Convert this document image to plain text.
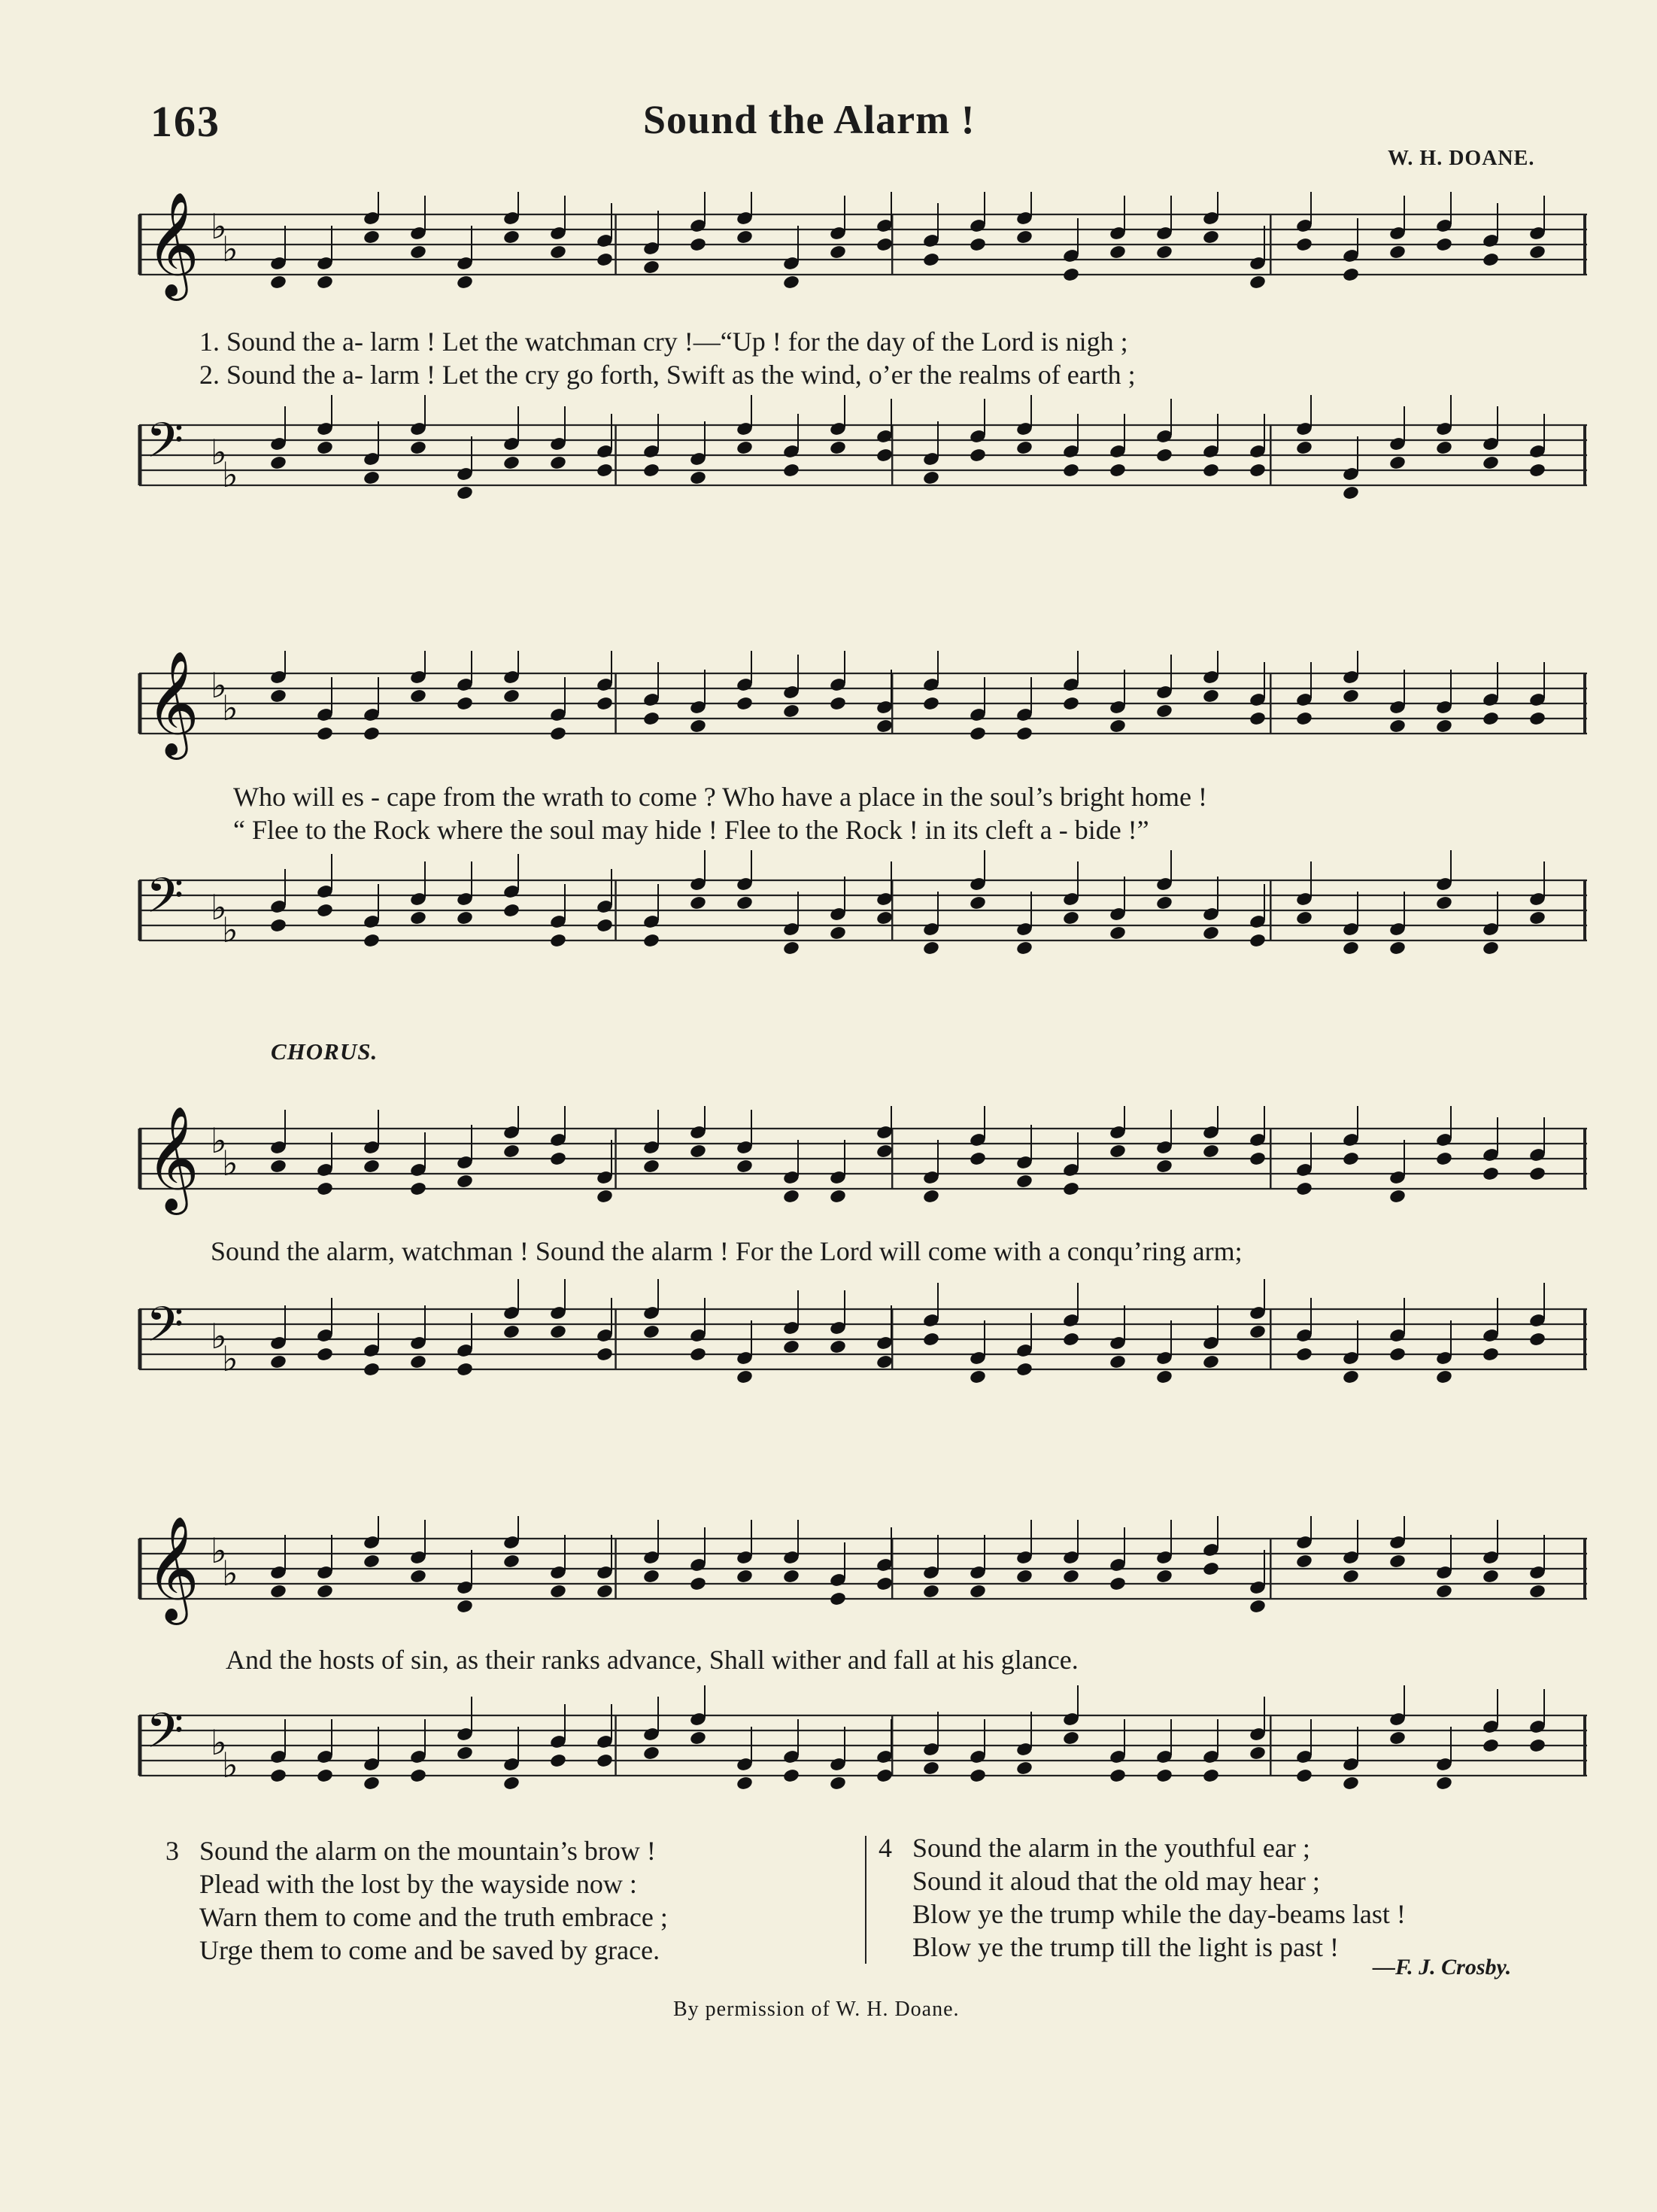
163	Sound the Alarm !
W. H. DOANE.
𝄞 ♭
♭
1. Sound the a- larm ! Let the watchman cry !—“Up ! for the day of the Lord is nigh ;
2. Sound the a- larm ! Let the cry go forth, Swift as the wind, o’er the realms of earth ;
𝄢 ♭
♭
𝄞 ♭
♭
Who will es - cape from the wrath to come ? Who have a place in the soul’s bright home !
“ Flee to the Rock where the soul may hide ! Flee to the Rock ! in its cleft a - bide !”
𝄢 ♭
♭
CHORUS.
𝄞 ♭
♭
Sound the alarm, watchman ! Sound the alarm ! For the Lord will come with a conqu’ring arm;
𝄢 ♭
♭
𝄞 ♭
♭
And the hosts of sin, as their ranks advance, Shall wither and fall at his glance.
𝄢 ♭
♭
3 Sound the alarm on the mountain’s brow !
Plead with the lost by the wayside now :
Warn them to come and the truth embrace ;
Urge them to come and be saved by grace.
4 Sound the alarm in the youthful ear ;
Sound it aloud that the old may hear ;
Blow ye the trump while the day-beams last !
Blow ye the trump till the light is past !
—F. J. Crosby.
By permission of W. H. Doane.
